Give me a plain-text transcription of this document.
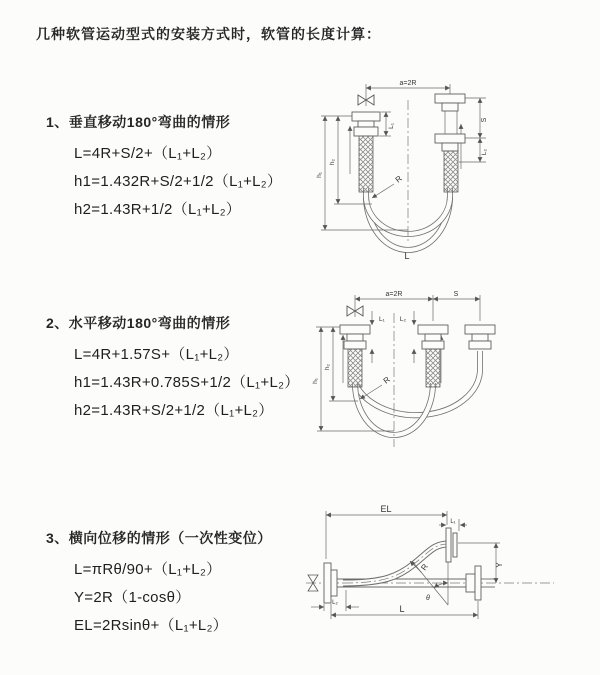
几种软管运动型式的安装方式时，软管的长度计算：
1、垂直移动180°弯曲的情形
L=4R+S/2+（L₁+L₂）
h1=1.432R+S/2+1/2（L₁+L₂）
h2=1.43R+1/2（L₁+L₂）
2、水平移动180°弯曲的情形
L=4R+1.57S+（L₁+L₂）
h1=1.43R+0.785S+1/2（L₁+L₂）
h2=1.43R+S/2+1/2（L₁+L₂）
3、横向位移的情形（一次性变位）
L=πRθ/90+（L₁+L₂）
Y=2R（1-cosθ）
EL=2Rsinθ+（L₁+L₂）
a=2R
S
L₂
h₂
h₁
L₁
R
L
a=2R	S
L₁ L₂
h₂
h₁	R
θ
R
EL
L₁
L₂
Y
L
